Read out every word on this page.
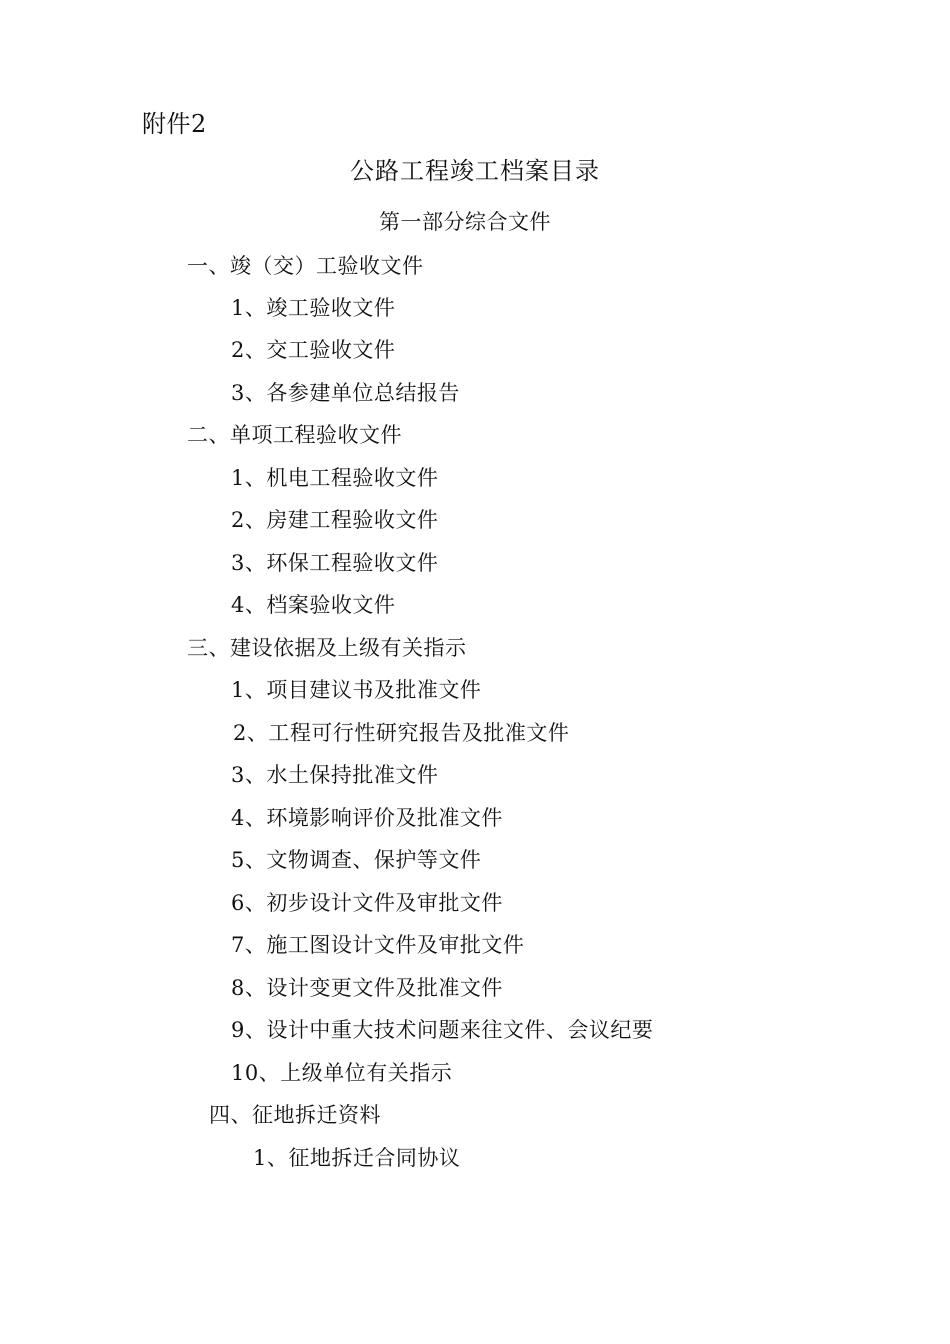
附件2
公路工程竣工档案目录
第一部分综合文件
一、竣（交）工验收文件
1、竣工验收文件
2、交工验收文件
3、各参建单位总结报告
二、单项工程验收文件
1、机电工程验收文件
2、房建工程验收文件
3、环保工程验收文件
4、档案验收文件
三、建设依据及上级有关指示
1、项目建议书及批准文件
2、工程可行性研究报告及批准文件
3、水土保持批准文件
4、环境影响评价及批准文件
5、文物调查、保护等文件
6、初步设计文件及审批文件
7、施工图设计文件及审批文件
8、设计变更文件及批准文件
9、设计中重大技术问题来往文件、会议纪要
10、上级单位有关指示
四、征地拆迁资料
1、征地拆迁合同协议
